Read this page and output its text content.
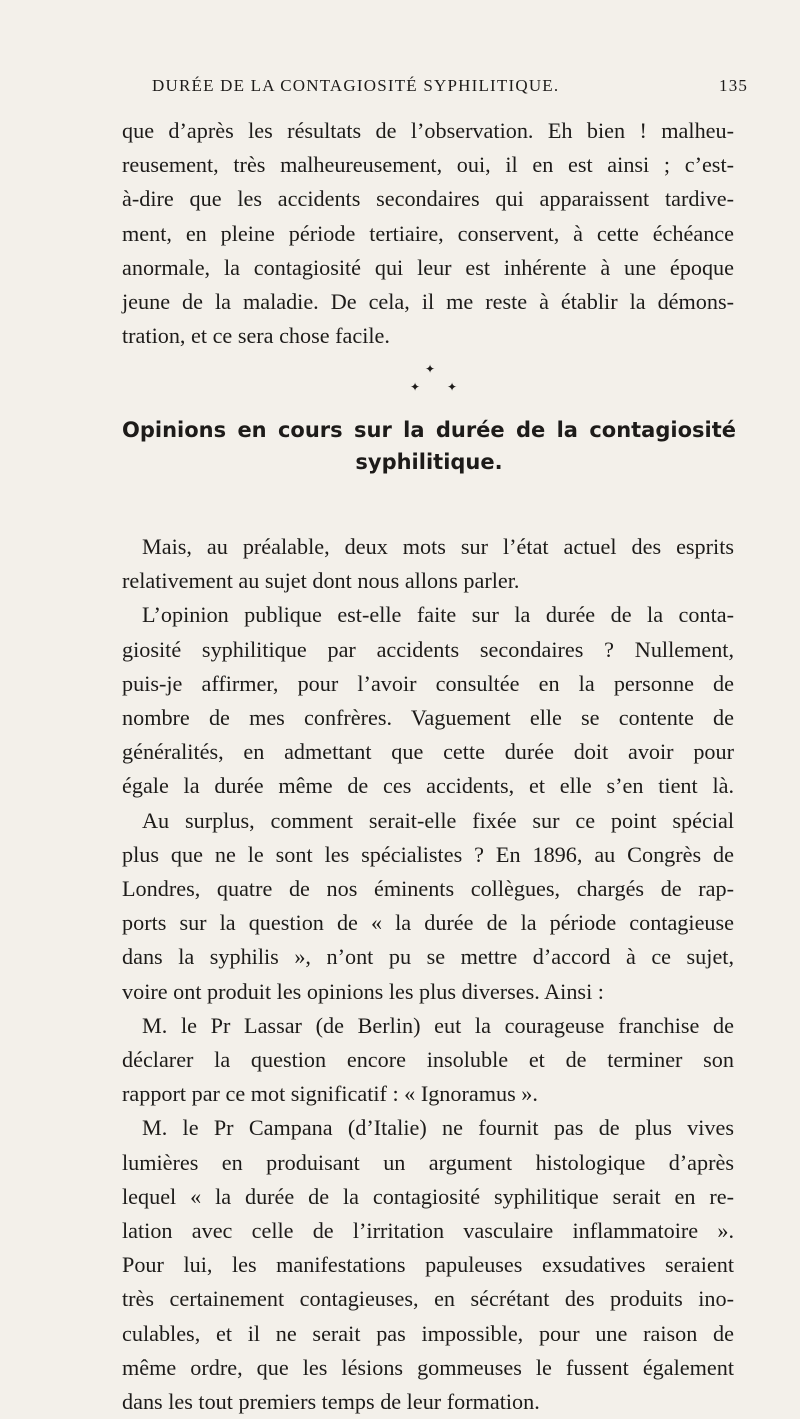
DURÉE DE LA CONTAGIOSITÉ SYPHILITIQUE.	135
que d’après les résultats de l’observation. Eh bien ! malheu-
reusement, très malheureusement, oui, il en est ainsi ; c’est-
à-dire que les accidents secondaires qui apparaissent tardive-
ment, en pleine période tertiaire, conservent, à cette échéance
anormale, la contagiosité qui leur est inhérente à une époque
jeune de la maladie. De cela, il me reste à établir la démons-
tration, et ce sera chose facile.
✦
✦ ✦
Opinions en cours sur la durée de la contagiosité
syphilitique.
Mais, au préalable, deux mots sur l’état actuel des esprits
relativement au sujet dont nous allons parler.
L’opinion publique est-elle faite sur la durée de la conta-
giosité syphilitique par accidents secondaires ? Nullement,
puis-je affirmer, pour l’avoir consultée en la personne de
nombre de mes confrères. Vaguement elle se contente de
généralités, en admettant que cette durée doit avoir pour
égale la durée même de ces accidents, et elle s’en tient là.
Au surplus, comment serait-elle fixée sur ce point spécial
plus que ne le sont les spécialistes ? En 1896, au Congrès de
Londres, quatre de nos éminents collègues, chargés de rap-
ports sur la question de « la durée de la période contagieuse
dans la syphilis », n’ont pu se mettre d’accord à ce sujet,
voire ont produit les opinions les plus diverses. Ainsi :
M. le Pr Lassar (de Berlin) eut la courageuse franchise de
déclarer la question encore insoluble et de terminer son
rapport par ce mot significatif : « Ignoramus ».
M. le Pr Campana (d’Italie) ne fournit pas de plus vives
lumières en produisant un argument histologique d’après
lequel « la durée de la contagiosité syphilitique serait en re-
lation avec celle de l’irritation vasculaire inflammatoire ».
Pour lui, les manifestations papuleuses exsudatives seraient
très certainement contagieuses, en sécrétant des produits ino-
culables, et il ne serait pas impossible, pour une raison de
même ordre, que les lésions gommeuses le fussent également
dans les tout premiers temps de leur formation.
